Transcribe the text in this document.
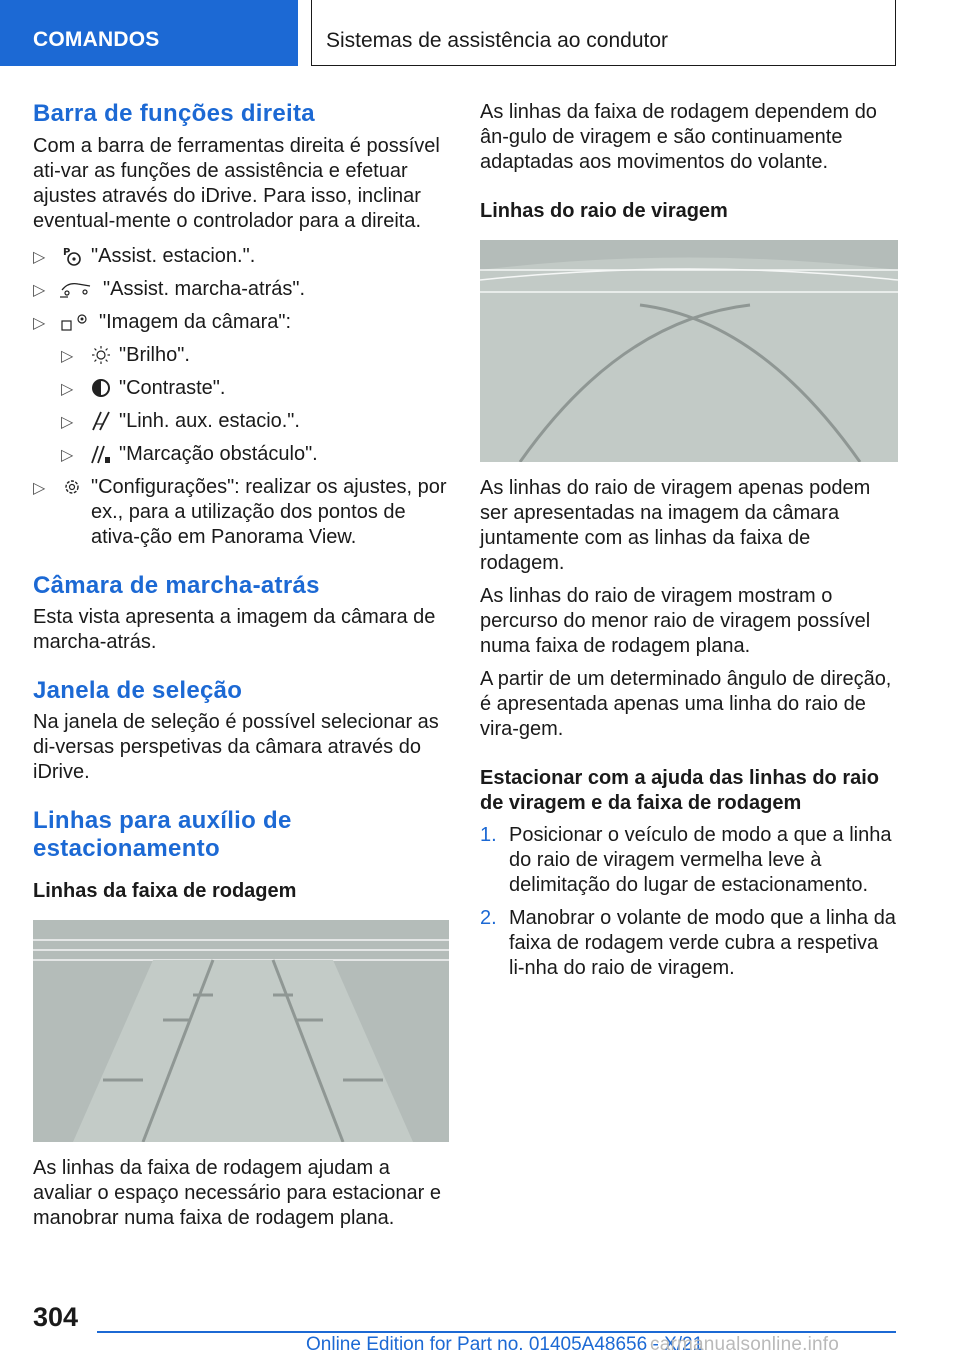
COMANDOS	Sistemas de assistência ao condutor
Barra de funções direita

Com a barra de ferramentas direita é possível ati-var as funções de assistência e efetuar ajustes através do iDrive. Para isso, inclinar eventual-mente o controlador para a direita.

▷ P "Assist. estacion.".
▷	"Assist. marcha-atrás".
▷	"Imagem da câmara":
▷ "Brilho".
▷ "Contraste".
▷ "Linh. aux. estacio.".
▷ "Marcação obstáculo".
▷ "Configurações": realizar os ajustes, por ex., para a utilização dos pontos de ativa-ção em Panorama View.
Câmara de marcha-atrás

Esta vista apresenta a imagem da câmara de marcha-atrás.

Janela de seleção

Na janela de seleção é possível selecionar as di-versas perspetivas da câmara através do iDrive.

Linhas para auxílio de estacionamento
Linhas da faixa de rodagem

As linhas da faixa de rodagem ajudam a avaliar o espaço necessário para estacionar e manobrar numa faixa de rodagem plana.

As linhas da faixa de rodagem dependem do ân-gulo de viragem e são continuamente adaptadas aos movimentos do volante.

Linhas do raio de viragem

As linhas do raio de viragem apenas podem ser apresentadas na imagem da câmara juntamente com as linhas da faixa de rodagem.

As linhas do raio de viragem mostram o percurso do menor raio de viragem possível numa faixa de rodagem plana.

A partir de um determinado ângulo de direção, é apresentada apenas uma linha do raio de vira-gem.

Estacionar com a ajuda das linhas do raio de viragem e da faixa de rodagem
1. Posicionar o veículo de modo a que a linha do raio de viragem vermelha leve à delimitação do lugar de estacionamento.
2. Manobrar o volante de modo que a linha da faixa de rodagem verde cubra a respetiva li-nha do raio de viragem.
304
Online Edition for Part no. 01405A48656 - X/21
carmanualsonline.info
